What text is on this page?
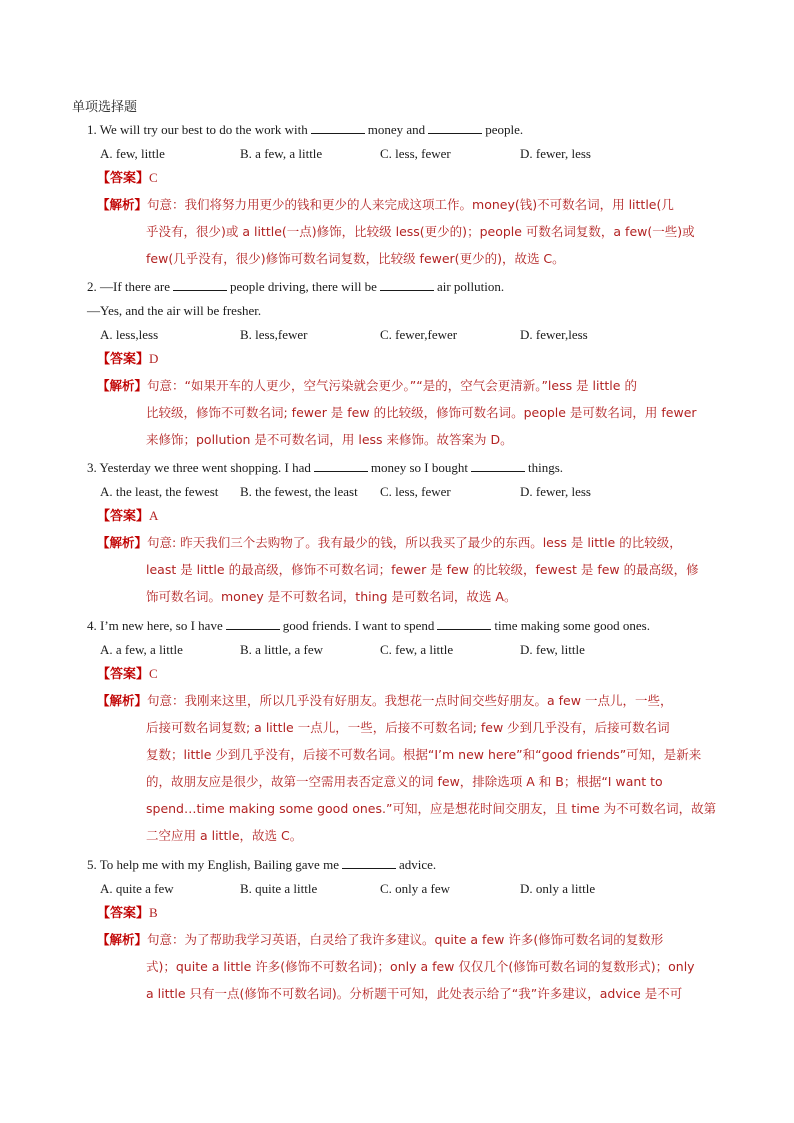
单项选择题
1. We will try our best to do the work with	money and	people.
A. few, little	B. a few, a little	C. less, fewer	D. fewer, less
【答案】C
【解析】句意：我们将努力用更少的钱和更少的人来完成这项工作。money(钱)不可数名词，用 little(几
乎没有，很少)或 a little(一点)修饰，比较级 less(更少的)；people 可数名词复数，a few(一些)或
few(几乎没有，很少)修饰可数名词复数，比较级 fewer(更少的)，故选 C。
2. —If there are	people driving, there will be	air pollution.
—Yes, and the air will be fresher.
A. less,less	B. less,fewer	C. fewer,fewer	D. fewer,less
【答案】D
【解析】句意：“如果开车的人更少，空气污染就会更少。”“是的，空气会更清新。”less 是 little 的
比较级，修饰不可数名词; fewer 是 few 的比较级，修饰可数名词。people 是可数名词，用 fewer
来修饰；pollution 是不可数名词，用 less 来修饰。故答案为 D。
3. Yesterday we three went shopping. I had	money so I bought	things.
A. the least, the fewest B. the fewest, the least C. less, fewer	D. fewer, less
【答案】A
【解析】句意: 昨天我们三个去购物了。我有最少的钱，所以我买了最少的东西。less 是 little 的比较级，
least 是 little 的最高级，修饰不可数名词；fewer 是 few 的比较级，fewest 是 few 的最高级，修
饰可数名词。money 是不可数名词，thing 是可数名词，故选 A。
4. I’m new here, so I have	good friends. I want to spend	time making some good ones.
A. a few, a little	B. a little, a few	C. few, a little	D. few, little
【答案】C
【解析】句意：我刚来这里，所以几乎没有好朋友。我想花一点时间交些好朋友。a few 一点儿，一些，
后接可数名词复数; a little 一点儿，一些，后接不可数名词; few 少到几乎没有，后接可数名词
复数；little 少到几乎没有，后接不可数名词。根据“I’m new here”和“good friends”可知，是新来
的，故朋友应是很少，故第一空需用表否定意义的词 few，排除选项 A 和 B；根据“I want to
spend…time making some good ones.”可知，应是想花时间交朋友，且 time 为不可数名词，故第
二空应用 a little，故选 C。
5. To help me with my English, Bailing gave me	advice.
A. quite a few	B. quite a little	C. only a few	D. only a little
【答案】B
【解析】句意：为了帮助我学习英语，白灵给了我许多建议。quite a few 许多(修饰可数名词的复数形
式)；quite a little 许多(修饰不可数名词)；only a few 仅仅几个(修饰可数名词的复数形式)；only
a little 只有一点(修饰不可数名词)。分析题干可知，此处表示给了“我”许多建议，advice 是不可
